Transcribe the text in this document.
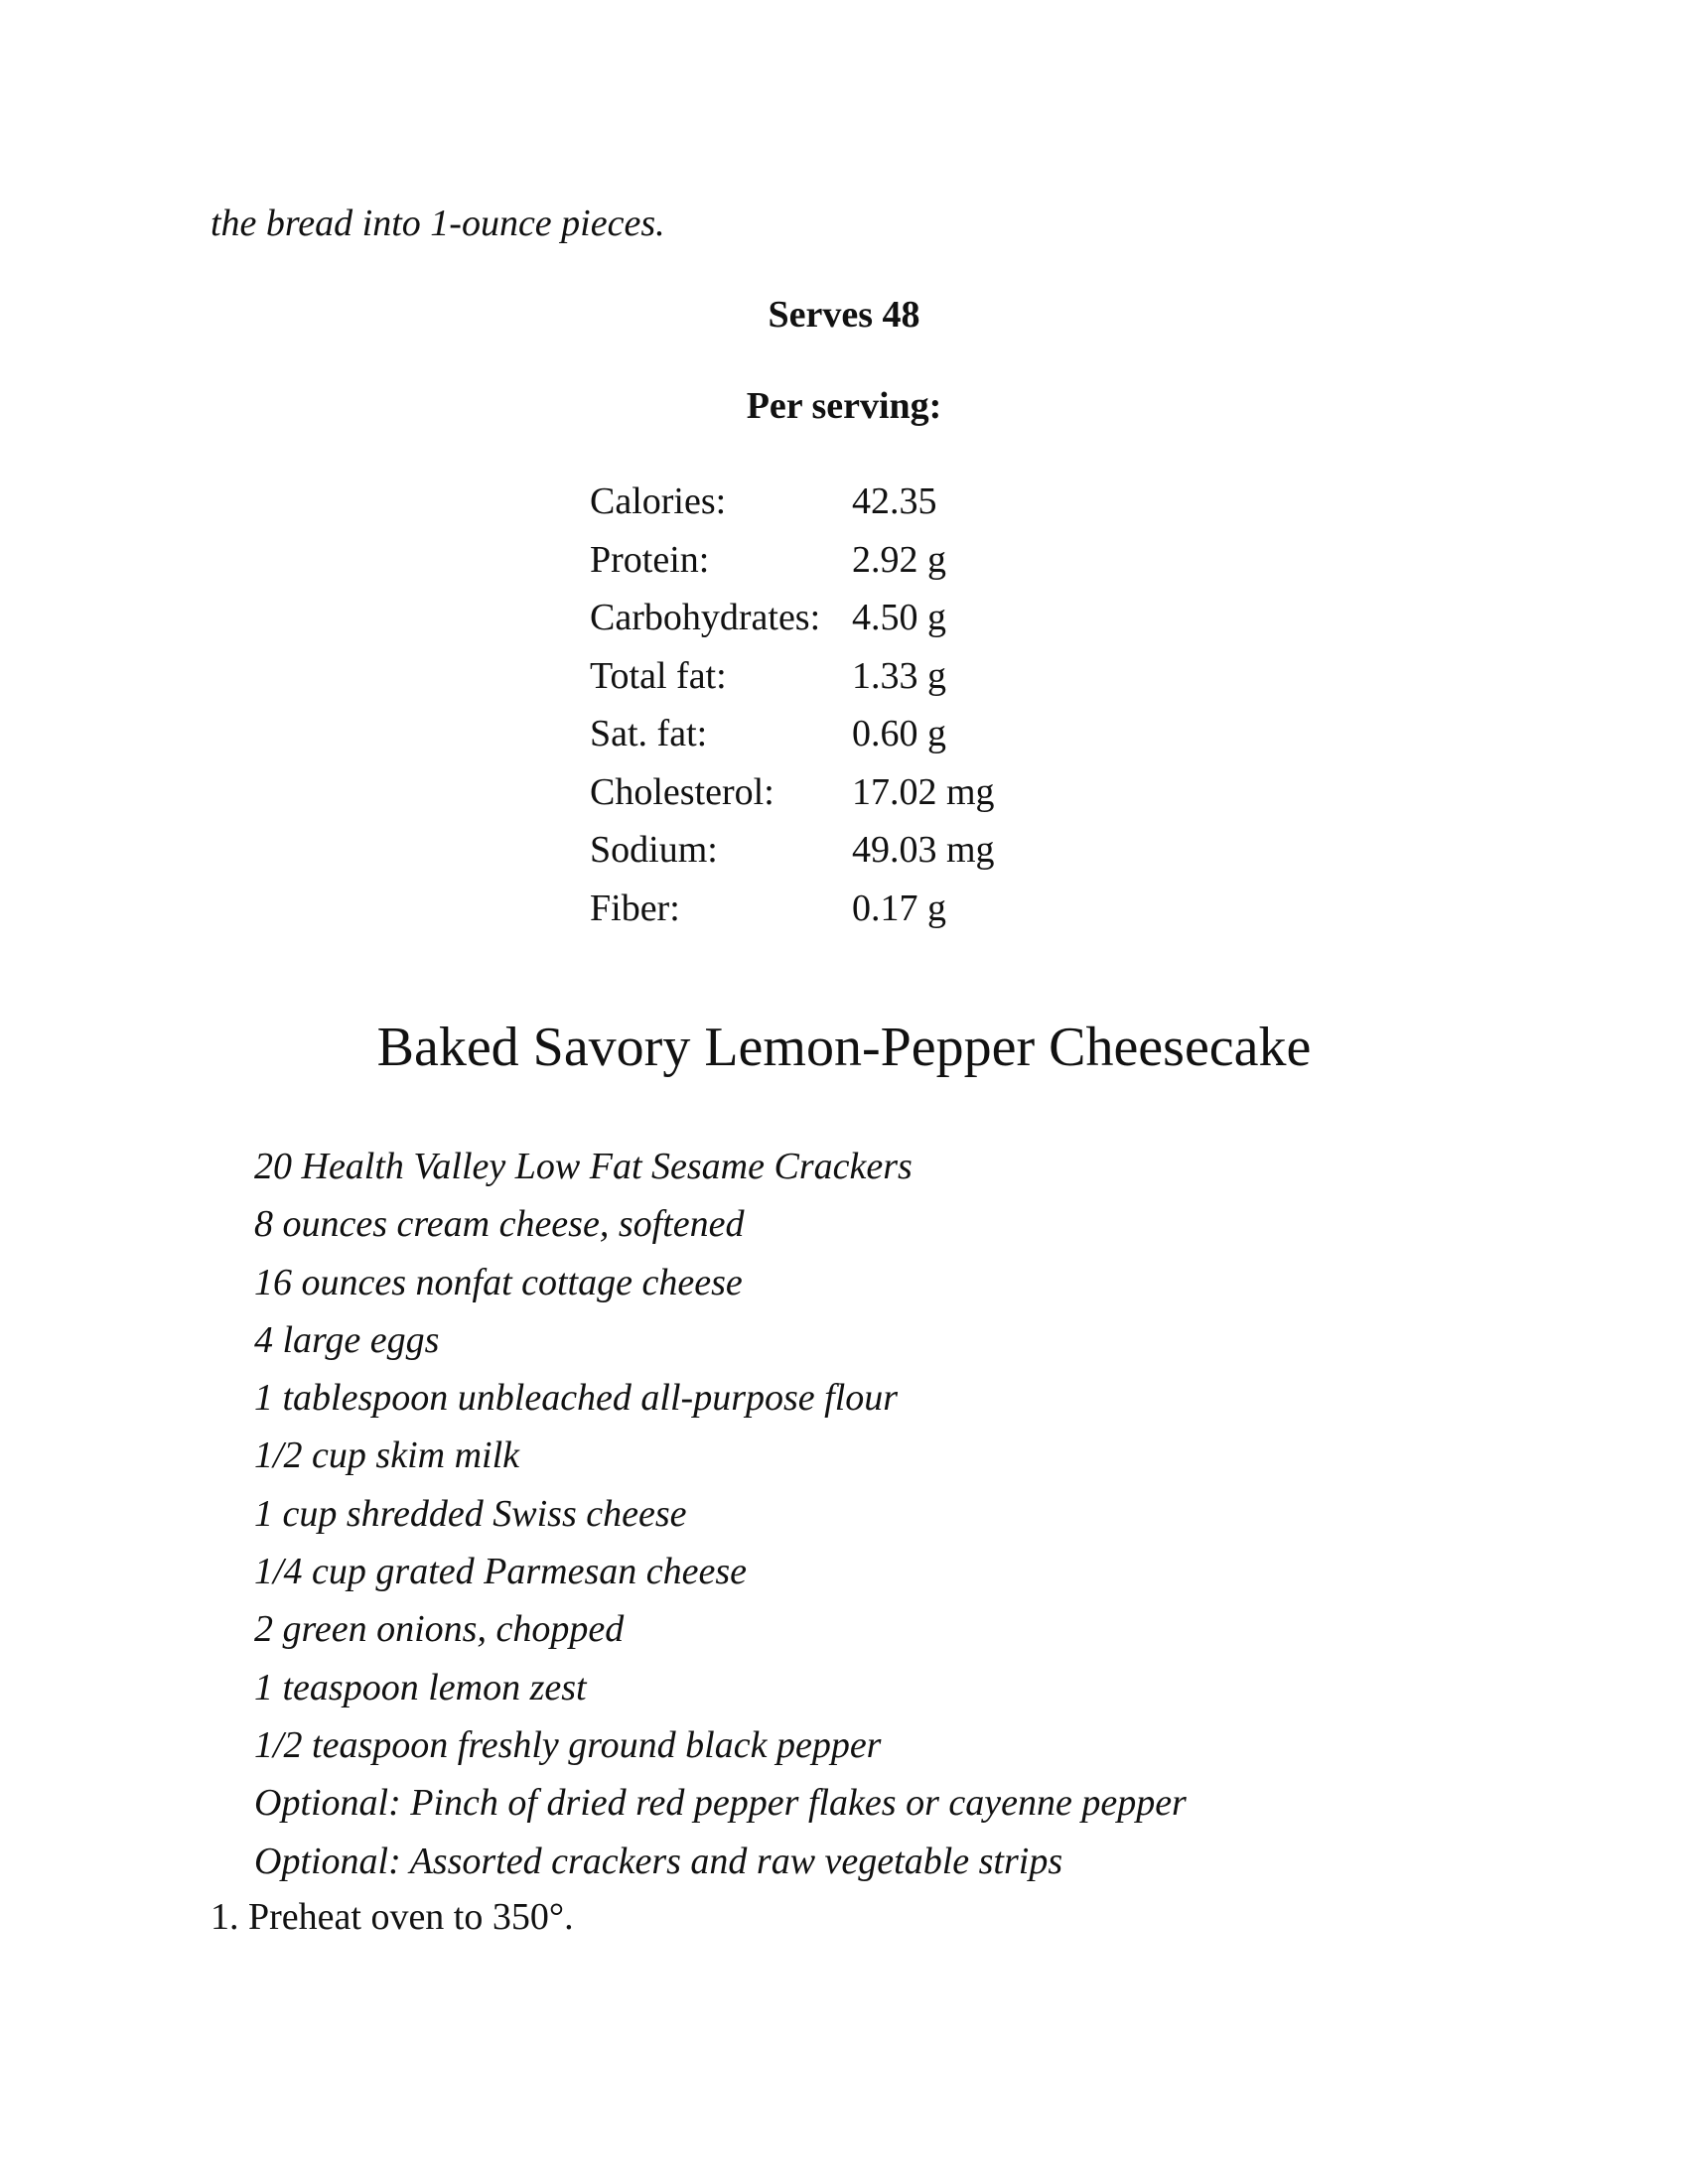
the bread into 1-ounce pieces.
Serves 48
Per serving:
Calories:	42.35
Protein:	2.92 g
Carbohydrates: 4.50 g
Total fat:	1.33 g
Sat. fat:	0.60 g
Cholesterol: 17.02 mg
Sodium:	49.03 mg
Fiber:	0.17 g
Baked Savory Lemon-Pepper Cheesecake
20 Health Valley Low Fat Sesame Crackers
8 ounces cream cheese, softened
16 ounces nonfat cottage cheese
4 large eggs
1 tablespoon unbleached all-purpose flour
1/2 cup skim milk
1 cup shredded Swiss cheese
1/4 cup grated Parmesan cheese
2 green onions, chopped
1 teaspoon lemon zest
1/2 teaspoon freshly ground black pepper
Optional: Pinch of dried red pepper flakes or cayenne pepper
Optional: Assorted crackers and raw vegetable strips
1. Preheat oven to 350°.
